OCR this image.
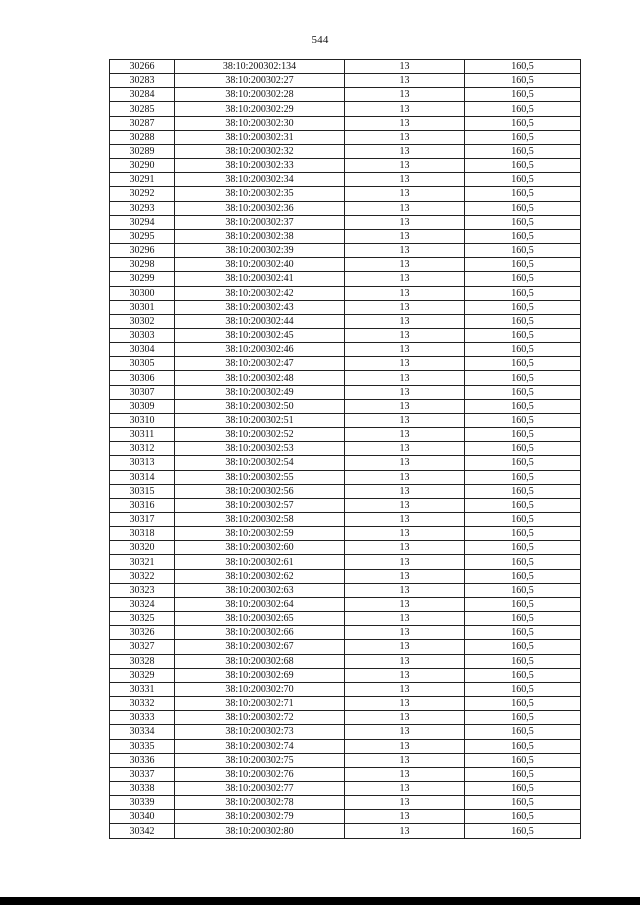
544
30266	38:10:200302:134	13	160,5
30283	38:10:200302:27	13	160,5
30284	38:10:200302:28	13	160,5
30285	38:10:200302:29	13	160,5
30287	38:10:200302:30	13	160,5
30288	38:10:200302:31	13	160,5
30289	38:10:200302:32	13	160,5
30290	38:10:200302:33	13	160,5
30291	38:10:200302:34	13	160,5
30292	38:10:200302:35	13	160,5
30293	38:10:200302:36	13	160,5
30294	38:10:200302:37	13	160,5
30295	38:10:200302:38	13	160,5
30296	38:10:200302:39	13	160,5
30298	38:10:200302:40	13	160,5
30299	38:10:200302:41	13	160,5
30300	38:10:200302:42	13	160,5
30301	38:10:200302:43	13	160,5
30302	38:10:200302:44	13	160,5
30303	38:10:200302:45	13	160,5
30304	38:10:200302:46	13	160,5
30305	38:10:200302:47	13	160,5
30306	38:10:200302:48	13	160,5
30307	38:10:200302:49	13	160,5
30309	38:10:200302:50	13	160,5
30310	38:10:200302:51	13	160,5
30311	38:10:200302:52	13	160,5
30312	38:10:200302:53	13	160,5
30313	38:10:200302:54	13	160,5
30314	38:10:200302:55	13	160,5
30315	38:10:200302:56	13	160,5
30316	38:10:200302:57	13	160,5
30317	38:10:200302:58	13	160,5
30318	38:10:200302:59	13	160,5
30320	38:10:200302:60	13	160,5
30321	38:10:200302:61	13	160,5
30322	38:10:200302:62	13	160,5
30323	38:10:200302:63	13	160,5
30324	38:10:200302:64	13	160,5
30325	38:10:200302:65	13	160,5
30326	38:10:200302:66	13	160,5
30327	38:10:200302:67	13	160,5
30328	38:10:200302:68	13	160,5
30329	38:10:200302:69	13	160,5
30331	38:10:200302:70	13	160,5
30332	38:10:200302:71	13	160,5
30333	38:10:200302:72	13	160,5
30334	38:10:200302:73	13	160,5
30335	38:10:200302:74	13	160,5
30336	38:10:200302:75	13	160,5
30337	38:10:200302:76	13	160,5
30338	38:10:200302:77	13	160,5
30339	38:10:200302:78	13	160,5
30340	38:10:200302:79	13	160,5
30342	38:10:200302:80	13	160,5
